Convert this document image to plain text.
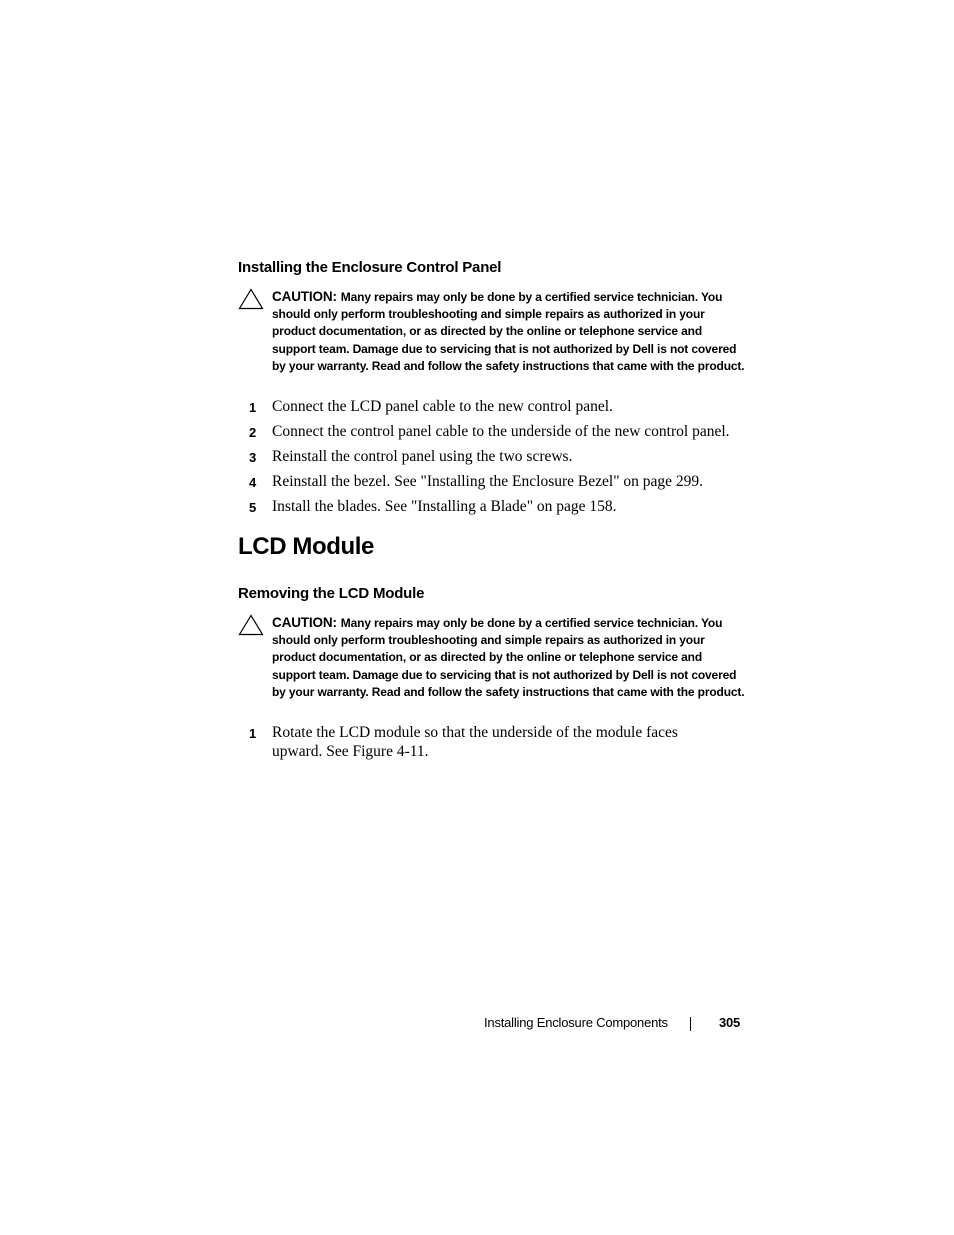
Installing the Enclosure Control Panel
CAUTION: Many repairs may only be done by a certified service technician. You should only perform troubleshooting and simple repairs as authorized in your product documentation, or as directed by the online or telephone service and support team. Damage due to servicing that is not authorized by Dell is not covered by your warranty. Read and follow the safety instructions that came with the product.
1 Connect the LCD panel cable to the new control panel.
2 Connect the control panel cable to the underside of the new control panel.
3 Reinstall the control panel using the two screws.
4 Reinstall the bezel. See "Installing the Enclosure Bezel" on page 299.
5 Install the blades. See "Installing a Blade" on page 158.
LCD Module
Removing the LCD Module
CAUTION: Many repairs may only be done by a certified service technician. You should only perform troubleshooting and simple repairs as authorized in your product documentation, or as directed by the online or telephone service and support team. Damage due to servicing that is not authorized by Dell is not covered by your warranty. Read and follow the safety instructions that came with the product.
1 Rotate the LCD module so that the underside of the module faces upward. See Figure 4-11.
Installing Enclosure Components	305
